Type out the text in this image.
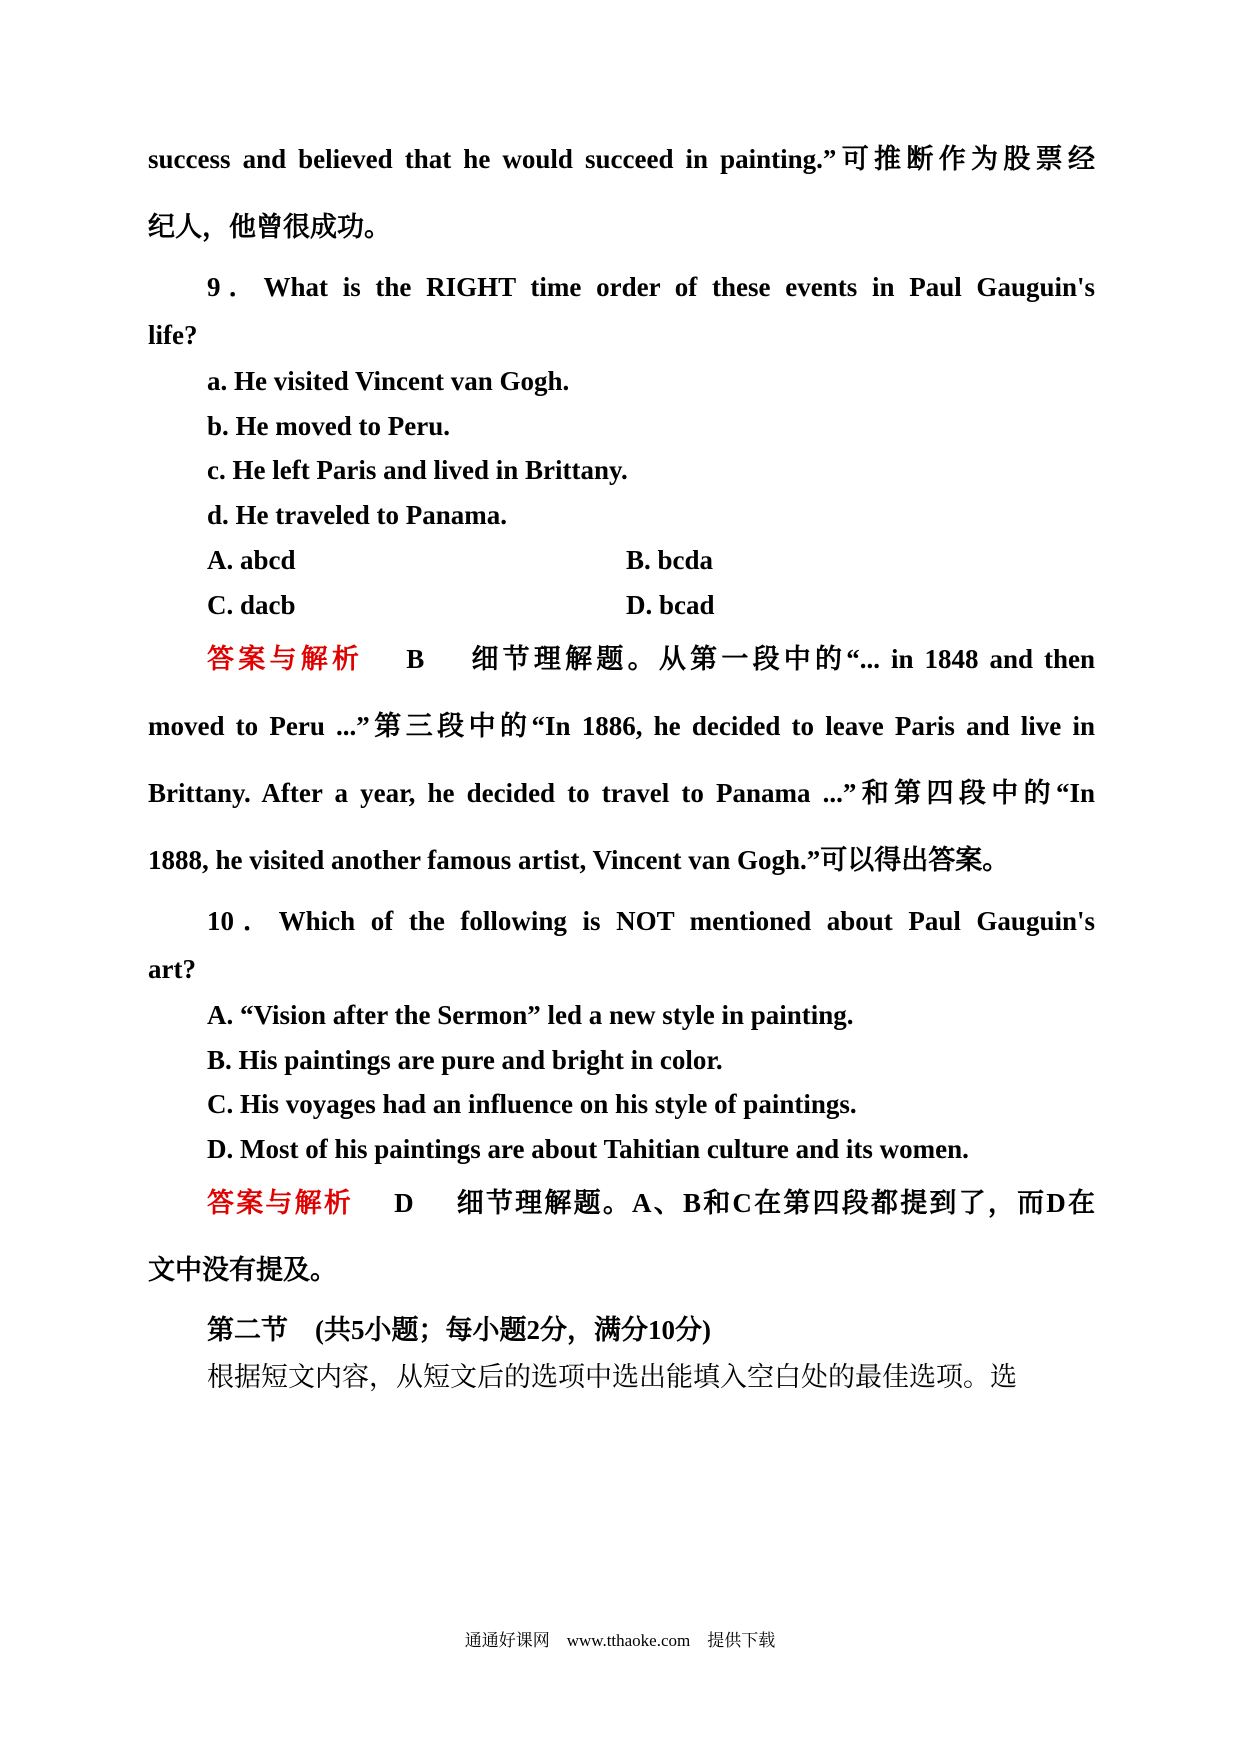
success and believed that he would succeed in painting.”可推断作为股票经
纪人，他曾很成功。
9．What is the RIGHT time order of these events in Paul Gauguin's
life?
a. He visited Vincent van Gogh.
b. He moved to Peru.
c. He left Paris and lived in Brittany.
d. He traveled to Panama.
A. abcd	B. bcda
C. dacb	D. bcad
答案与解析 B 细节理解题。从第一段中的“... in 1848 and then
moved to Peru ...”第三段中的“In 1886, he decided to leave Paris and live in
Brittany. After a year, he decided to travel to Panama ...”和第四段中的“In
1888, he visited another famous artist, Vincent van Gogh.”可以得出答案。
10．Which of the following is NOT mentioned about Paul Gauguin's
art?
A. “Vision after the Sermon” led a new style in painting.
B. His paintings are pure and bright in color.
C. His voyages had an influence on his style of paintings.
D. Most of his paintings are about Tahitian culture and its women.
答案与解析 D 细节理解题。A、B和C在第四段都提到了，而D在
文中没有提及。
第二节　(共5小题；每小题2分，满分10分)
根据短文内容，从短文后的选项中选出能填入空白处的最佳选项。选
通通好课网　www.tthaoke.com　提供下载
